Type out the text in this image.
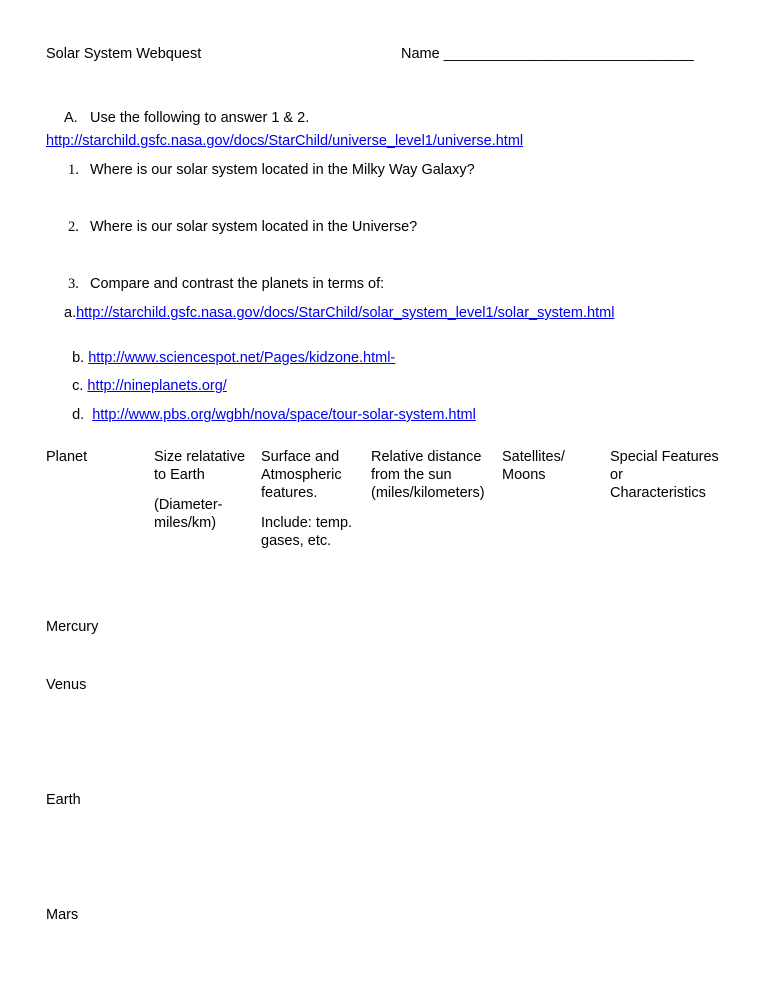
Solar System Webquest	Name _______________________________
A. Use the following to answer 1 & 2.
http://starchild.gsfc.nasa.gov/docs/StarChild/universe_level1/universe.html
1. Where is our solar system located in the Milky Way Galaxy?
2. Where is our solar system located in the Universe?
3. Compare and contrast the planets in terms of:
a.http://starchild.gsfc.nasa.gov/docs/StarChild/solar_system_level1/solar_system.html

b. http://www.sciencespot.net/Pages/kidzone.html-

c. http://nineplanets.org/

d.  http://www.pbs.org/wgbh/nova/space/tour-solar-system.html

Planet	Size relatative to Earth
(Diameter-miles/km)
Surface and Atmospheric features.
Include: temp. gases, etc.
Relative distance from the sun (miles/kilometers)
Satellites/ Moons
Special Features or Characteristics
Mercury
Venus
Earth
Mars
